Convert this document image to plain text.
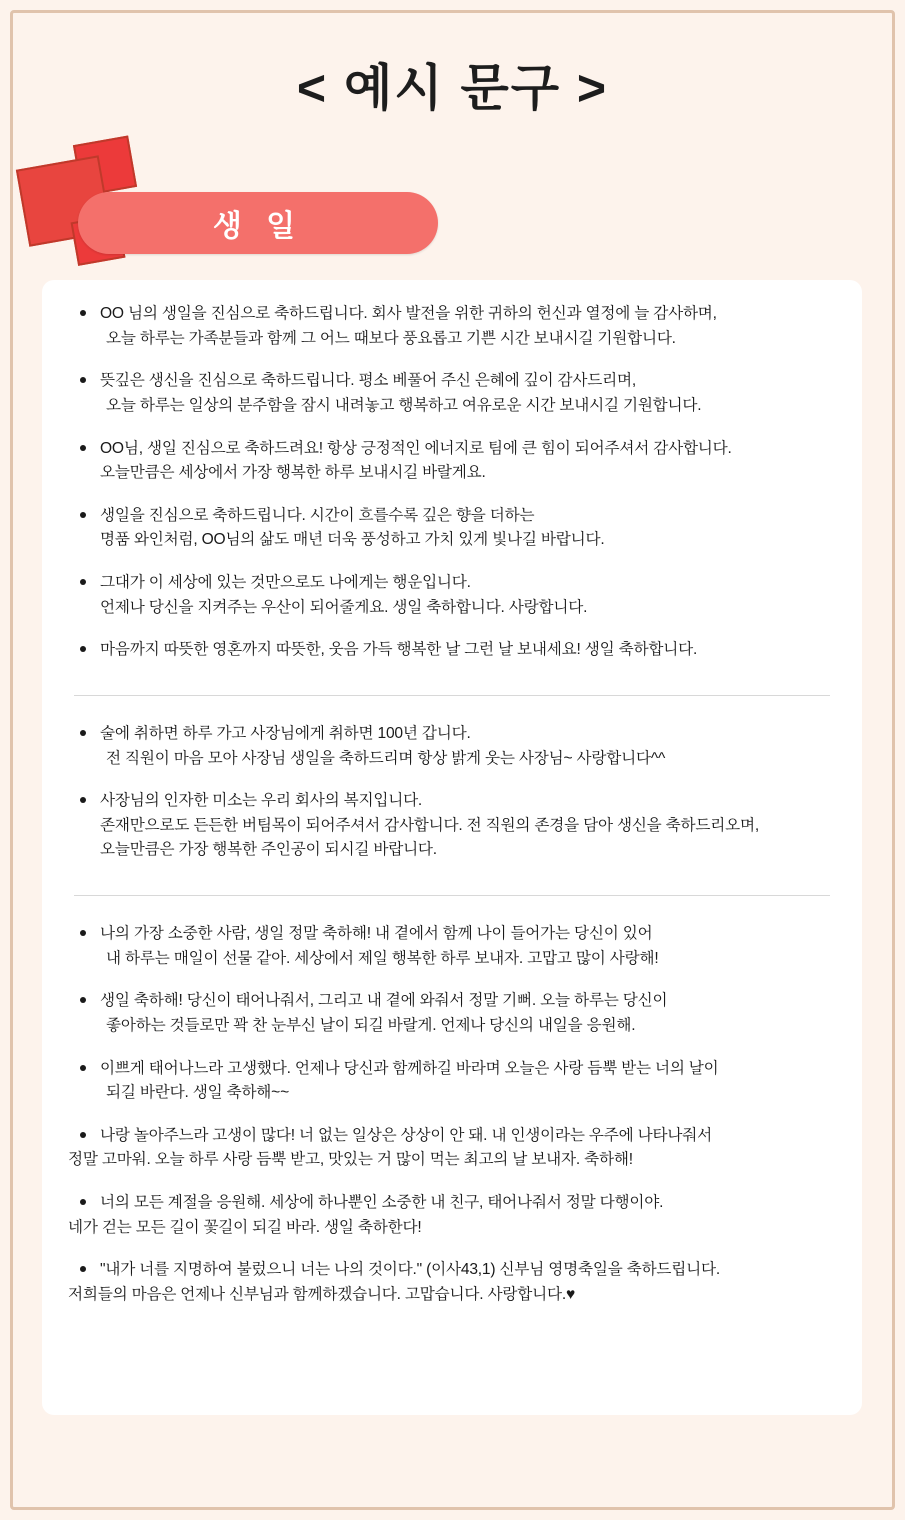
< 예시 문구 >
생 일
OO 님의 생일을 진심으로 축하드립니다. 회사 발전을 위한 귀하의 헌신과 열정에 늘 감사하며,
오늘 하루는 가족분들과 함께 그 어느 때보다 풍요롭고 기쁜 시간 보내시길 기원합니다.
뜻깊은 생신을 진심으로 축하드립니다. 평소 베풀어 주신 은혜에 깊이 감사드리며,
오늘 하루는 일상의 분주함을 잠시 내려놓고 행복하고 여유로운 시간 보내시길 기원합니다.
OO님, 생일 진심으로 축하드려요! 항상 긍정적인 에너지로 팀에 큰 힘이 되어주셔서 감사합니다.
오늘만큼은 세상에서 가장 행복한 하루 보내시길 바랄게요.
생일을 진심으로 축하드립니다. 시간이 흐를수록 깊은 향을 더하는
명품 와인처럼, OO님의 삶도 매년 더욱 풍성하고 가치 있게 빛나길 바랍니다.
그대가 이 세상에 있는 것만으로도 나에게는 행운입니다.
언제나 당신을 지켜주는 우산이 되어줄게요. 생일 축하합니다. 사랑합니다.
마음까지 따뜻한 영혼까지 따뜻한, 웃음 가득 행복한 날 그런 날 보내세요! 생일 축하합니다.
술에 취하면 하루 가고 사장님에게 취하면 100년 갑니다.
전 직원이 마음 모아 사장님 생일을 축하드리며 항상 밝게 웃는 사장님~ 사랑합니다^^
사장님의 인자한 미소는 우리 회사의 복지입니다.
존재만으로도 든든한 버팀목이 되어주셔서 감사합니다. 전 직원의 존경을 담아 생신을 축하드리오며,
오늘만큼은 가장 행복한 주인공이 되시길 바랍니다.
나의 가장 소중한 사람, 생일 정말 축하해! 내 곁에서 함께 나이 들어가는 당신이 있어
내 하루는 매일이 선물 같아. 세상에서 제일 행복한 하루 보내자. 고맙고 많이 사랑해!
생일 축하해! 당신이 태어나줘서, 그리고 내 곁에 와줘서 정말 기뻐. 오늘 하루는 당신이
좋아하는 것들로만 꽉 찬 눈부신 날이 되길 바랄게. 언제나 당신의 내일을 응원해.
이쁘게 태어나느라 고생했다. 언제나 당신과 함께하길 바라며 오늘은 사랑 듬뿍 받는 너의 날이
되길 바란다. 생일 축하해~~
나랑 놀아주느라 고생이 많다! 너 없는 일상은 상상이 안 돼. 내 인생이라는 우주에 나타나줘서
정말 고마워. 오늘 하루 사랑 듬뿍 받고, 맛있는 거 많이 먹는 최고의 날 보내자. 축하해!
너의 모든 계절을 응원해. 세상에 하나뿐인 소중한 내 친구, 태어나줘서 정말 다행이야.
네가 걷는 모든 길이 꽃길이 되길 바라. 생일 축하한다!
"내가 너를 지명하여 불렀으니 너는 나의 것이다." (이사43,1) 신부님 영명축일을 축하드립니다.
저희들의 마음은 언제나 신부님과 함께하겠습니다. 고맙습니다. 사랑합니다.♥
